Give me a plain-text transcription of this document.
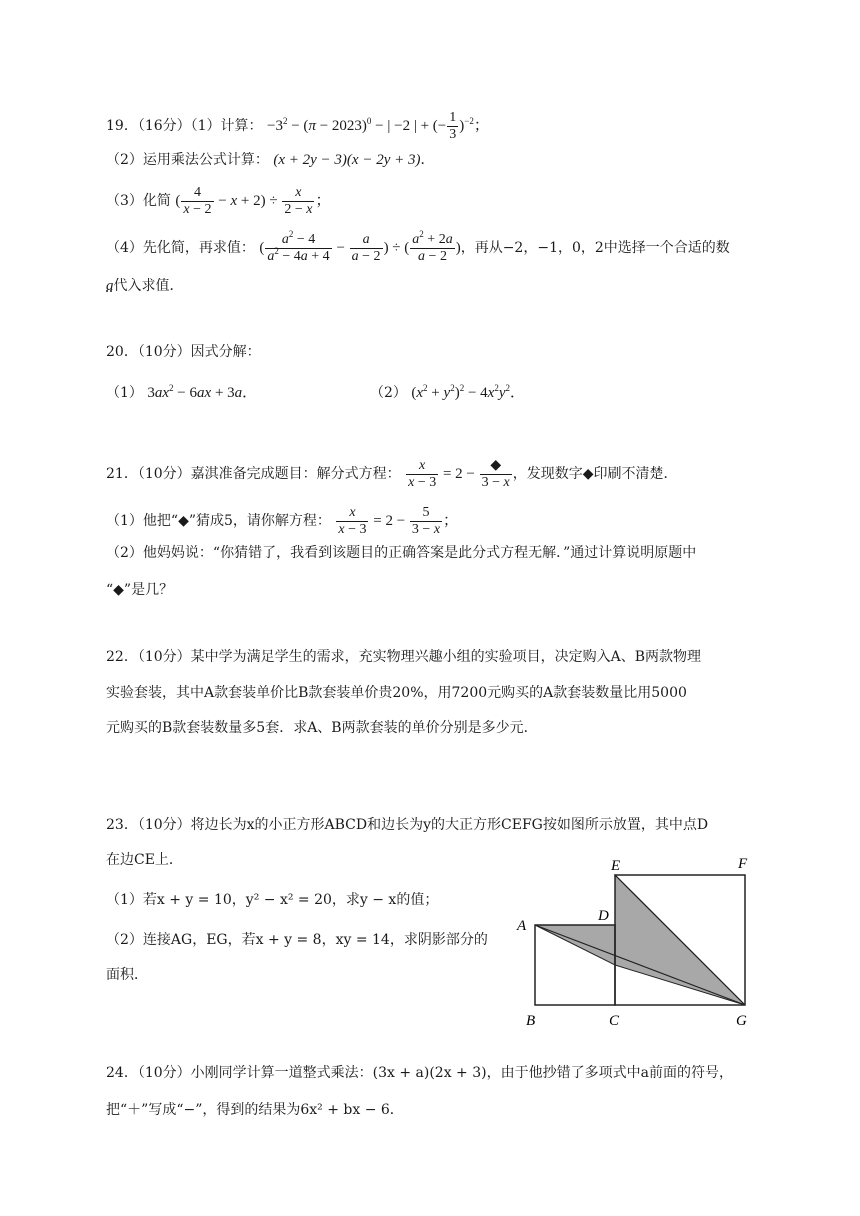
19．（16分）（1）计算： $-3^2 - (\pi - 2023)^0$ − | −2 | + (− $\frac{1}{3} )^{-2}$；
（2）运用乘法公式计算： (x + 2y − 3)(x − 2y + 3)．
（3）化简 ( $\frac{4}{x - 2} - x + 2) \div \frac{x}{2 - x}$ ；
（4）先化简，再求值： ( $\frac{a^2 - 4}{a^2 - 4a + 4} - \frac{a}{a - 2}$ ) ÷ ( $\frac{a^2 + 2a}{a - 2}$ )，再从−2，−1，0，2中选择一个合适的数
a代入求值．
20．（10分）因式分解：
（1） $3ax^2 - 6ax + 3a$．	（2） $(x^2 + y^2)^2 - 4x^2y^2$．
21．（10分）嘉淇准备完成题目：解分式方程： $\frac{x}{x - 3} = 2 - \frac{◆}{3 - x}$ ，发现数字◆印刷不清楚．
（1）他把“◆”猜成5，请你解方程： $\frac{x}{x - 3} = 2 - \frac{5}{3 - x}$ ；
（2）他妈妈说：“你猜错了，我看到该题目的正确答案是此分式方程无解．”通过计算说明原题中
“◆”是几？
22．（10分）某中学为满足学生的需求，充实物理兴趣小组的实验项目，决定购入A、B两款物理
实验套装，其中A款套装单价比B款套装单价贵20%，用7200元购买的A款套装数量比用5000
元购买的B款套装数量多5套．求A、B两款套装的单价分别是多少元．
23．（10分）将边长为x的小正方形ABCD和边长为y的大正方形CEFG按如图所示放置，其中点D
在边CE上．
（1）若x + y = 10，y² − x² = 20，求y − x的值；
（2）连接AG，EG，若x + y = 8，xy = 14，求阴影部分的
面积．
A
B	C
D
E	F
G
24．（10分）小刚同学计算一道整式乘法：(3x + a)(2x + 3)，由于他抄错了多项式中a前面的符号，
把“＋”写成“−”，得到的结果为6x² + bx − 6．
